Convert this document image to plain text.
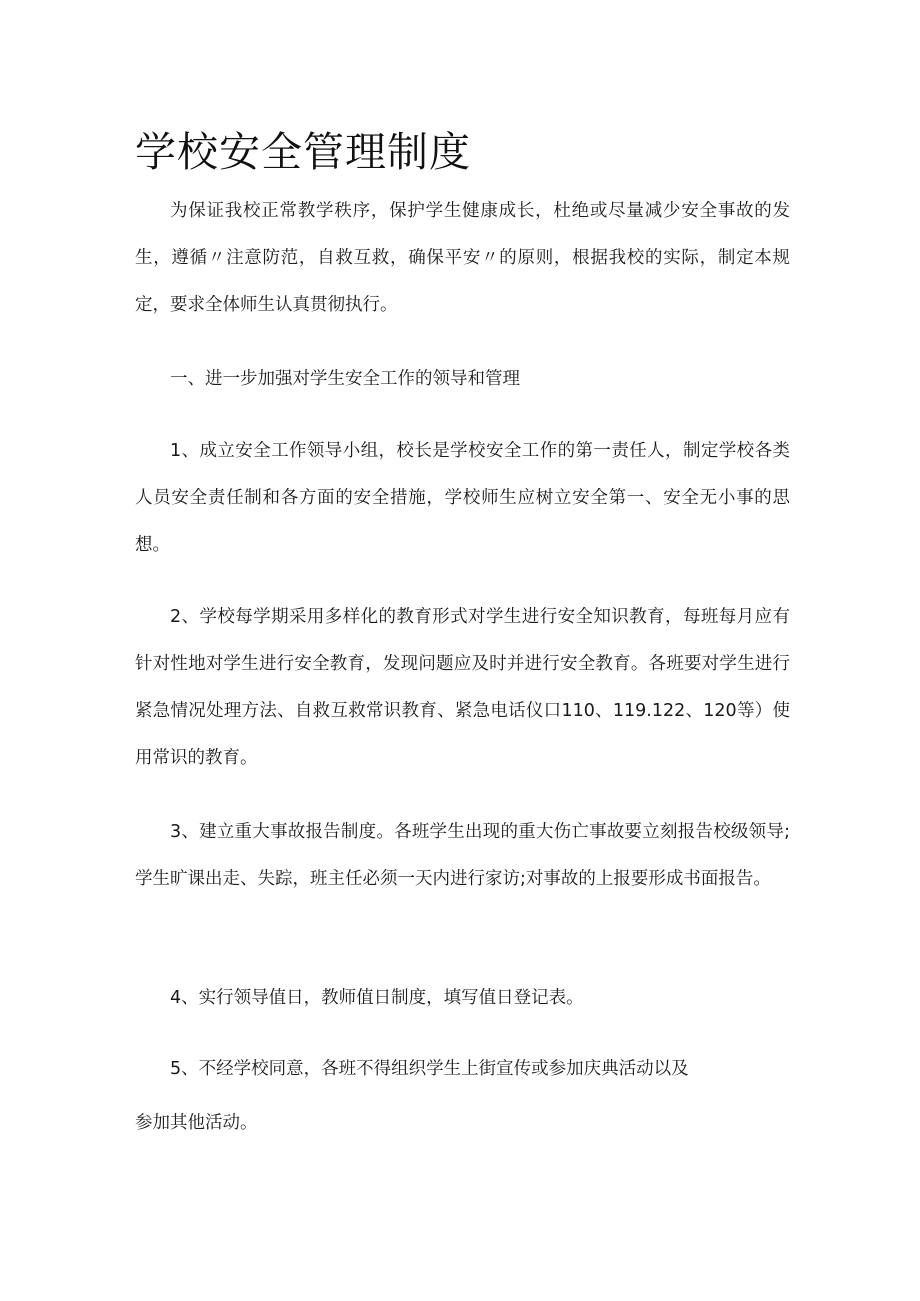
学校安全管理制度

为保证我校正常教学秩序，保护学生健康成长，杜绝或尽量减少安全事故的发生，遵循〃注意防范，自救互救，确保平安〃的原则，根据我校的实际，制定本规定，要求全体师生认真贯彻执行。

一、进一步加强对学生安全工作的领导和管理

1、成立安全工作领导小组，校长是学校安全工作的第一责任人，制定学校各类人员安全责任制和各方面的安全措施，学校师生应树立安全第一、安全无小事的思想。

2、学校每学期采用多样化的教育形式对学生进行安全知识教育，每班每月应有针对性地对学生进行安全教育，发现问题应及时并进行安全教育。各班要对学生进行紧急情况处理方法、自救互救常识教育、紧急电话仪口110、119.122、120等）使用常识的教育。

3、建立重大事故报告制度。各班学生出现的重大伤亡事故要立刻报告校级领导;学生旷课出走、失踪，班主任必须一天内进行家访;对事故的上报要形成书面报告。

4、实行领导值日，教师值日制度，填写值日登记表。

5、不经学校同意，各班不得组织学生上街宣传或参加庆典活动以及

参加其他活动。
